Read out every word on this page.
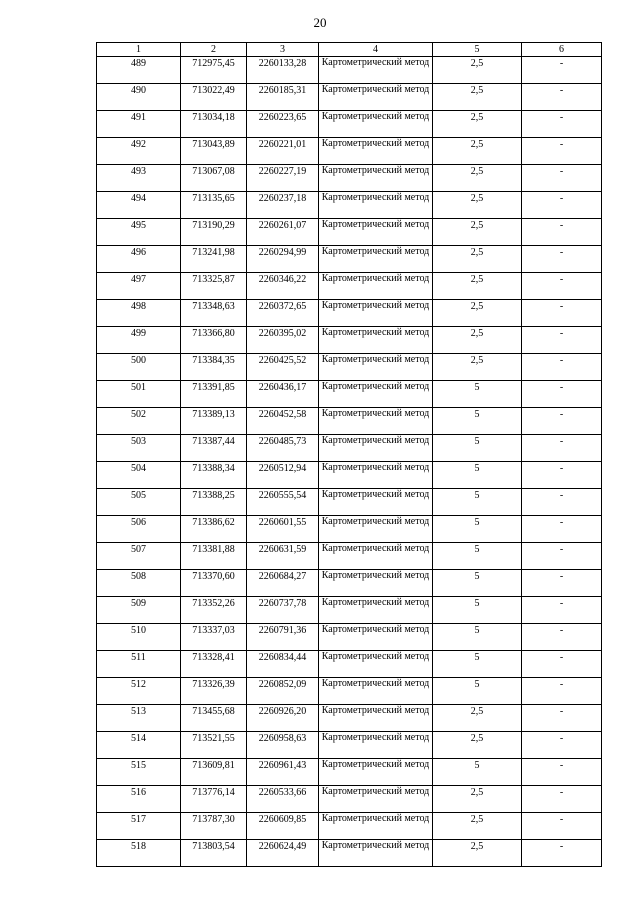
20
1	2	3	4	5	6
489	712975,45	2260133,28	Картометрический метод	2,5	-
490	713022,49	2260185,31	Картометрический метод	2,5	-
491	713034,18	2260223,65	Картометрический метод	2,5	-
492	713043,89	2260221,01	Картометрический метод	2,5	-
493	713067,08	2260227,19	Картометрический метод	2,5	-
494	713135,65	2260237,18	Картометрический метод	2,5	-
495	713190,29	2260261,07	Картометрический метод	2,5	-
496	713241,98	2260294,99	Картометрический метод	2,5	-
497	713325,87	2260346,22	Картометрический метод	2,5	-
498	713348,63	2260372,65	Картометрический метод	2,5	-
499	713366,80	2260395,02	Картометрический метод	2,5	-
500	713384,35	2260425,52	Картометрический метод	2,5	-
501	713391,85	2260436,17	Картометрический метод	5	-
502	713389,13	2260452,58	Картометрический метод	5	-
503	713387,44	2260485,73	Картометрический метод	5	-
504	713388,34	2260512,94	Картометрический метод	5	-
505	713388,25	2260555,54	Картометрический метод	5	-
506	713386,62	2260601,55	Картометрический метод	5	-
507	713381,88	2260631,59	Картометрический метод	5	-
508	713370,60	2260684,27	Картометрический метод	5	-
509	713352,26	2260737,78	Картометрический метод	5	-
510	713337,03	2260791,36	Картометрический метод	5	-
511	713328,41	2260834,44	Картометрический метод	5	-
512	713326,39	2260852,09	Картометрический метод	5	-
513	713455,68	2260926,20	Картометрический метод	2,5	-
514	713521,55	2260958,63	Картометрический метод	2,5	-
515	713609,81	2260961,43	Картометрический метод	5	-
516	713776,14	2260533,66	Картометрический метод	2,5	-
517	713787,30	2260609,85	Картометрический метод	2,5	-
518	713803,54	2260624,49	Картометрический метод	2,5	-
